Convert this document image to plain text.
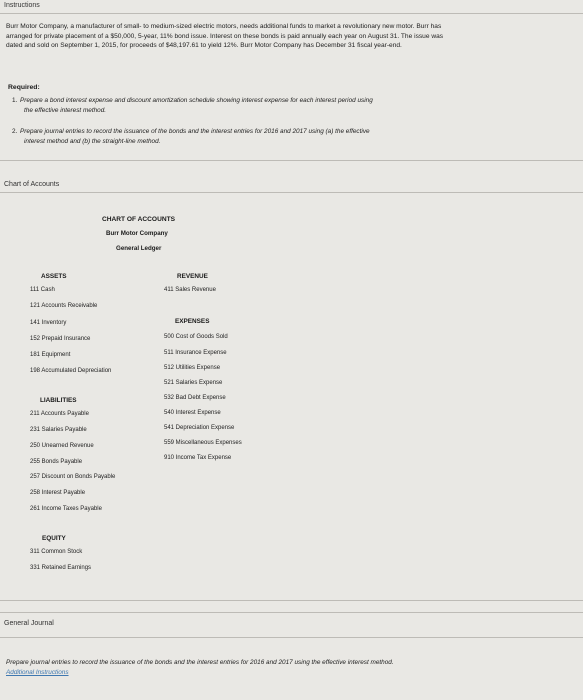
Instructions
Burr Motor Company, a manufacturer of small- to medium-sized electric motors, needs additional funds to market a revolutionary new motor. Burr has
arranged for private placement of a $50,000, 5-year, 11% bond issue. Interest on these bonds is paid annually each year on August 31. The issue was
dated and sold on September 1, 2015, for proceeds of $48,197.61 to yield 12%. Burr Motor Company has December 31 fiscal year-end.
Required:
1. Prepare a bond interest expense and discount amortization schedule showing interest expense for each interest period using
the effective interest method.
2. Prepare journal entries to record the issuance of the bonds and the interest entries for 2016 and 2017 using (a) the effective
interest method and (b) the straight-line method.
Chart of Accounts
CHART OF ACCOUNTS
Burr Motor Company
General Ledger
ASSETS
111 Cash
121 Accounts Receivable
141 Inventory
152 Prepaid Insurance
181 Equipment
198 Accumulated Depreciation
LIABILITIES
211 Accounts Payable
231 Salaries Payable
250 Unearned Revenue
255 Bonds Payable
257 Discount on Bonds Payable
258 Interest Payable
261 Income Taxes Payable
EQUITY
311 Common Stock
331 Retained Earnings
REVENUE
411 Sales Revenue
EXPENSES
500 Cost of Goods Sold
511 Insurance Expense
512 Utilities Expense
521 Salaries Expense
532 Bad Debt Expense
540 Interest Expense
541 Depreciation Expense
559 Miscellaneous Expenses
910 Income Tax Expense
General Journal
Prepare journal entries to record the issuance of the bonds and the interest entries for 2016 and 2017 using the effective interest method.
Additional Instructions
